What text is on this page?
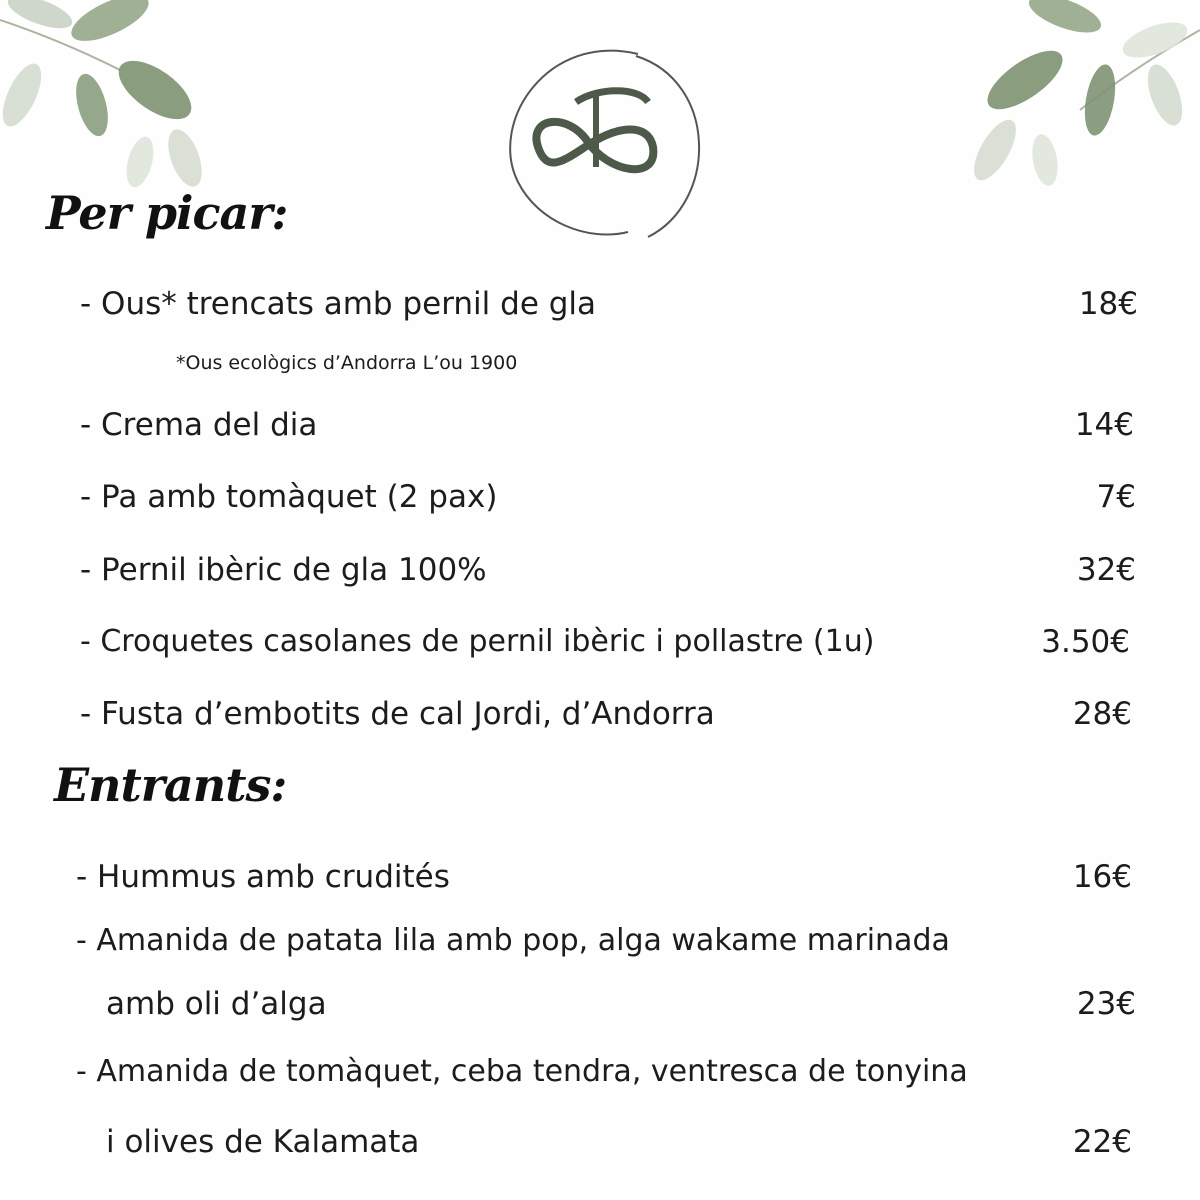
Per picar:
- Ous* trencats amb pernil de gla	18€
*Ous ecològics d’Andorra L’ou 1900
- Crema del dia	14€
- Pa amb tomàquet (2 pax)	7€
- Pernil ibèric de gla 100%	32€
- Croquetes casolanes de pernil ibèric i pollastre (1u)	3.50€
- Fusta d’embotits de cal Jordi, d’Andorra	28€
Entrants:
- Hummus amb crudités	16€
- Amanida de patata lila amb pop, alga wakame marinada
amb oli d’alga	23€
- Amanida de tomàquet, ceba tendra, ventresca de tonyina
i olives de Kalamata	22€
